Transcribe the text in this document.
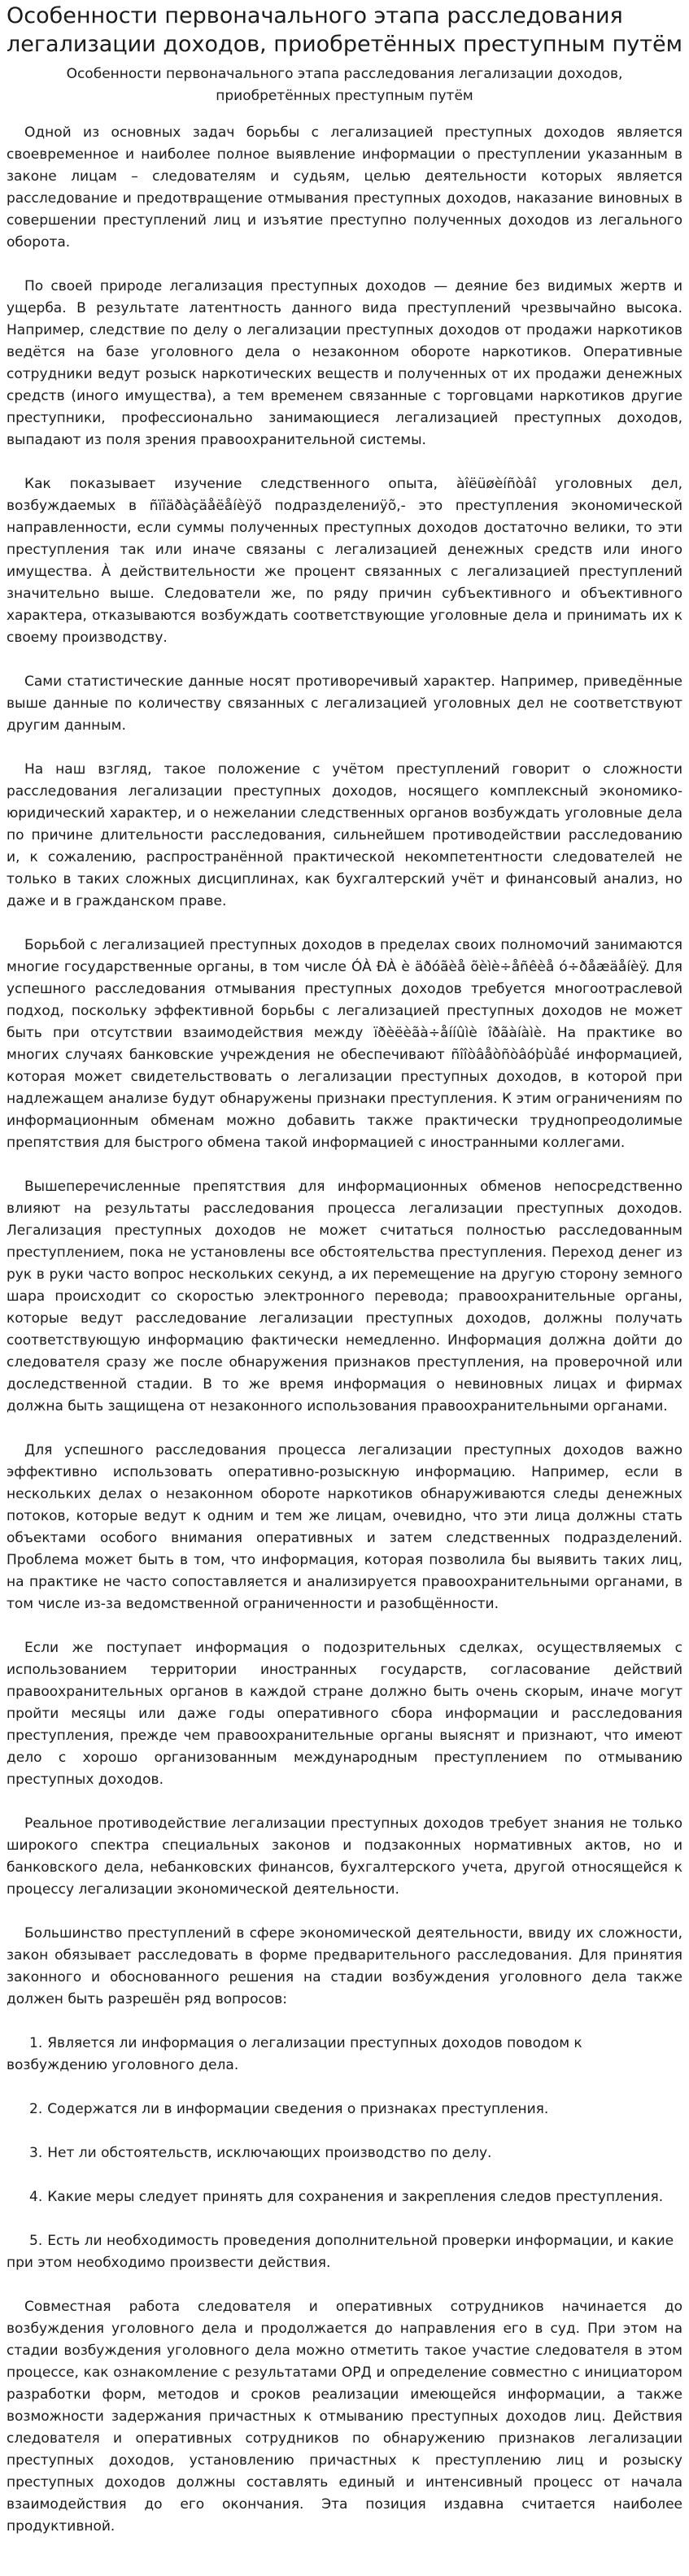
Особенности первоначального этапа расследования легализации доходов, приобретённых преступным путём
Особенности первоначального этапа расследования легализации доходов, приобретённых преступным путём

Одной из основных задач борьбы с легализацией преступных доходов является своевременное и наиболее полное выявление информации о преступлении указанным в законе лицам – следователям и судьям, целью деятельности которых является расследование и предотвращение отмывания преступных доходов, наказание виновных в совершении преступлений лиц и изъятие преступно полученных доходов из легального оборота.

По своей природе легализация преступных доходов — деяние без видимых жертв и ущерба. В результате латентность данного вида преступлений чрезвычайно высока. Например, следствие по делу о легализации преступных доходов от продажи наркотиков ведётся на базе уголовного дела о незаконном обороте наркотиков. Оперативные сотрудники ведут розыск наркотических веществ и полученных от их продажи денежных средств (иного имущества), а тем временем связанные с торговцами наркотиков другие преступники, профессионально занимающиеся легализацией преступных доходов, выпадают из поля зрения правоохранительной системы.

Как показывает изучение следственного опыта, àîëüøèíñòâî уголовных дел, возбуждаемых в ñïîäðàçäåëåíèÿõ подразделениÿõ,- это преступления экономической направленности, если суммы полученных преступных доходов достаточно велики, то эти преступления так или иначе связаны с легализацией денежных средств или иного имущества. À действительности же процент связанных с легализацией преступлений значительно выше. Следователи же, по ряду причин субъективного и объективного характера, отказываются возбуждать соответствующие уголовные дела и принимать их к своему производству.

Сами статистические данные носят противоречивый характер. Например, приведённые выше данные по количеству связанных с легализацией уголовных дел не соответствуют другим данным.

На наш взгляд, такое положение с учётом преступлений говорит о сложности расследования легализации преступных доходов, носящего комплексный экономико-юридический характер, и о нежелании следственных органов возбуждать уголовные дела по причине длительности расследования, сильнейшем противодействии расследованию и, к сожалению, распространённой практической некомпетентности следователей не только в таких сложных дисциплинах, как бухгалтерский учёт и финансовый анализ, но даже и в гражданском праве.

Борьбой с легализацией преступных доходов в пределах своих полномочий занимаются многие государственные органы, в том числе ÓÀ ÐÀ è äðóãèå õèìè÷åñêèå ó÷ðåæäåíèÿ. Для успешного расследования отмывания преступных доходов требуется многоотраслевой подход, поскольку эффективной борьбы с легализацией преступных доходов не может быть при отсутствии взаимодействия между ïðèëèãà÷åííûìè îðãàíàìè. На практике во многих случаях банковские учреждения не обеспечивают ñîîòâåòñòâóþùåé информацией, которая может свидетельствовать о легализации преступных доходов, в которой при надлежащем анализе будут обнаружены признаки преступления. К этим ограничениям по информационным обменам можно добавить также практически труднопреодолимые препятствия для быстрого обмена такой информацией с иностранными коллегами.

Вышеперечисленные препятствия для информационных обменов непосредственно влияют на результаты расследования процесса легализации преступных доходов. Легализация преступных доходов не может считаться полностью расследованным преступлением, пока не установлены все обстоятельства преступления. Переход денег из рук в руки часто вопрос нескольких секунд, а их перемещение на другую сторону земного шара происходит со скоростью электронного перевода; правоохранительные органы, которые ведут расследование легализации преступных доходов, должны получать соответствующую информацию фактически немедленно. Информация должна дойти до следователя сразу же после обнаружения признаков преступления, на проверочной или доследственной стадии. В то же время информация о невиновных лицах и фирмах должна быть защищена от незаконного использования правоохранительными органами.

Для успешного расследования процесса легализации преступных доходов важно эффективно использовать оперативно-розыскную информацию. Например, если в нескольких делах о незаконном обороте наркотиков обнаруживаются следы денежных потоков, которые ведут к одним и тем же лицам, очевидно, что эти лица должны стать объектами особого внимания оперативных и затем следственных подразделений. Проблема может быть в том, что информация, которая позволила бы выявить таких лиц, на практике не часто сопоставляется и анализируется правоохранительными органами, в том числе из-за ведомственной ограниченности и разобщённости.

Если же поступает информация о подозрительных сделках, осуществляемых с использованием территории иностранных государств, согласование действий правоохранительных органов в каждой стране должно быть очень скорым, иначе могут пройти месяцы или даже годы оперативного сбора информации и расследования преступления, прежде чем правоохранительные органы выяснят и признают, что имеют дело с хорошо организованным международным преступлением по отмыванию преступных доходов.

Реальное противодействие легализации преступных доходов требует знания не только широкого спектра специальных законов и подзаконных нормативных актов, но и банковского дела, небанковских финансов, бухгалтерского учета, другой относящейся к процессу легализации экономической деятельности.

Большинство преступлений в сфере экономической деятельности, ввиду их сложности, закон обязывает расследовать в форме предварительного расследования. Для принятия законного и обоснованного решения на стадии возбуждения уголовного дела также должен быть разрешён ряд вопросов:

1. Является ли информация о легализации преступных доходов поводом к возбуждению уголовного дела.
2. Содержатся ли в информации сведения о признаках преступления.
3. Нет ли обстоятельств, исключающих производство по делу.
4. Какие меры следует принять для сохранения и закрепления следов преступления.
5. Есть ли необходимость проведения дополнительной проверки информации, и какие при этом необходимо произвести действия.

Совместная работа следователя и оперативных сотрудников начинается до возбуждения уголовного дела и продолжается до направления его в суд. При этом на стадии возбуждения уголовного дела можно отметить такое участие следователя в этом процессе, как ознакомление с результатами ОРД и определение совместно с инициатором разработки форм, методов и сроков реализации имеющейся информации, а также возможности задержания причастных к отмыванию преступных доходов лиц. Действия следователя и оперативных сотрудников по обнаружению признаков легализации преступных доходов, установлению причастных к преступлению лиц и розыску преступных доходов должны составлять единый и интенсивный процесс от начала взаимодействия до его окончания. Эта позиция издавна считается наиболее продуктивной.
